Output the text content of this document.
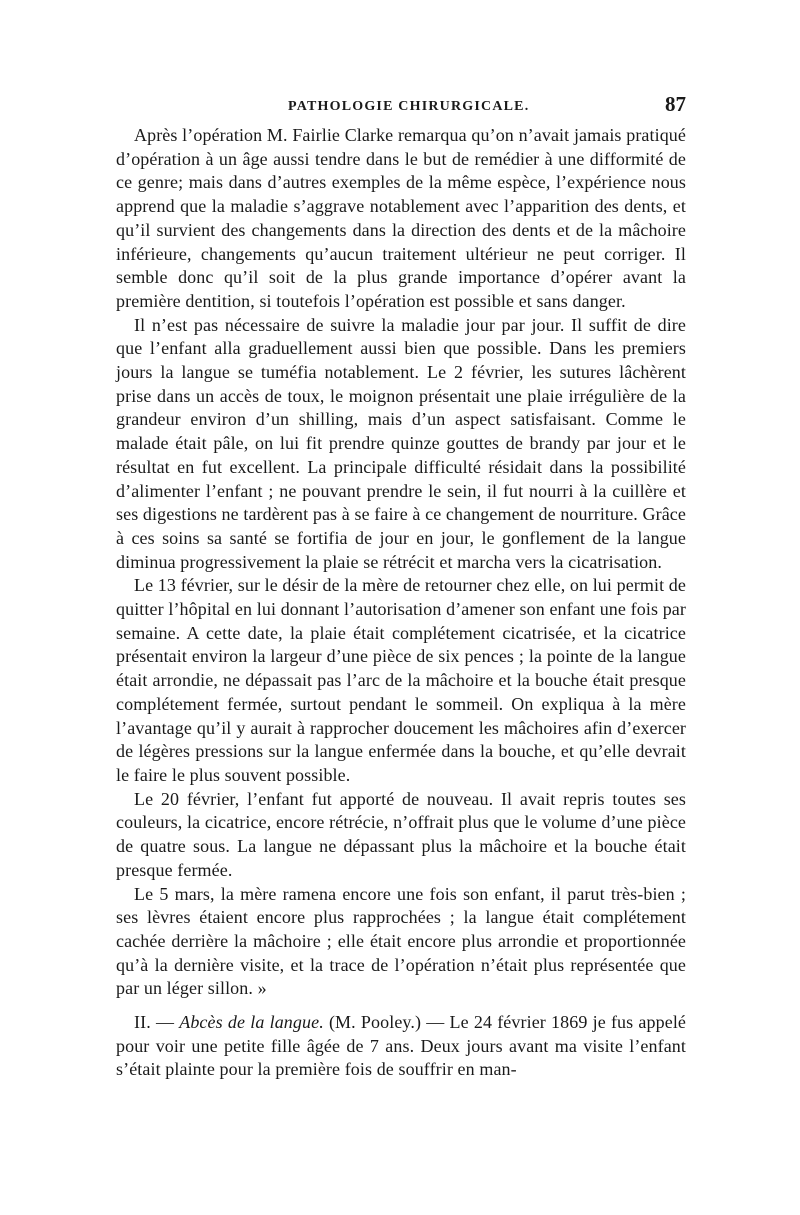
PATHOLOGIE CHIRURGICALE.	87

Après l’opération M. Fairlie Clarke remarqua qu’on n’avait jamais pratiqué d’opération à un âge aussi tendre dans le but de remédier à une difformité de ce genre; mais dans d’autres exemples de la même espèce, l’expérience nous apprend que la maladie s’aggrave notablement avec l’apparition des dents, et qu’il survient des changements dans la direction des dents et de la mâchoire inférieure, changements qu’aucun traitement ultérieur ne peut corriger. Il semble donc qu’il soit de la plus grande importance d’opérer avant la première dentition, si toutefois l’opération est possible et sans danger.

Il n’est pas nécessaire de suivre la maladie jour par jour. Il suffit de dire que l’enfant alla graduellement aussi bien que possible. Dans les premiers jours la langue se tuméfia notablement. Le 2 février, les sutures lâchèrent prise dans un accès de toux, le moignon présentait une plaie irrégulière de la grandeur environ d’un shilling, mais d’un aspect satisfaisant. Comme le malade était pâle, on lui fit prendre quinze gouttes de brandy par jour et le résultat en fut excellent. La principale difficulté résidait dans la possibilité d’alimenter l’enfant ; ne pouvant prendre le sein, il fut nourri à la cuillère et ses digestions ne tardèrent pas à se faire à ce changement de nourriture. Grâce à ces soins sa santé se fortifia de jour en jour, le gonflement de la langue diminua progressivement la plaie se rétrécit et marcha vers la cicatrisation.

Le 13 février, sur le désir de la mère de retourner chez elle, on lui permit de quitter l’hôpital en lui donnant l’autorisation d’amener son enfant une fois par semaine. A cette date, la plaie était complétement cicatrisée, et la cicatrice présentait environ la largeur d’une pièce de six pences ; la pointe de la langue était arrondie, ne dépassait pas l’arc de la mâchoire et la bouche était presque complétement fermée, surtout pendant le sommeil. On expliqua à la mère l’avantage qu’il y aurait à rapprocher doucement les mâchoires afin d’exercer de légères pressions sur la langue enfermée dans la bouche, et qu’elle devrait le faire le plus souvent possible.

Le 20 février, l’enfant fut apporté de nouveau. Il avait repris toutes ses couleurs, la cicatrice, encore rétrécie, n’offrait plus que le volume d’une pièce de quatre sous. La langue ne dépassant plus la mâchoire et la bouche était presque fermée.

Le 5 mars, la mère ramena encore une fois son enfant, il parut très-bien ; ses lèvres étaient encore plus rapprochées ; la langue était complétement cachée derrière la mâchoire ; elle était encore plus arrondie et proportionnée qu’à la dernière visite, et la trace de l’opération n’était plus représentée que par un léger sillon. »

II. — Abcès de la langue. (M. Pooley.) — Le 24 février 1869 je fus appelé pour voir une petite fille âgée de 7 ans. Deux jours avant ma visite l’enfant s’était plainte pour la première fois de souffrir en man-
